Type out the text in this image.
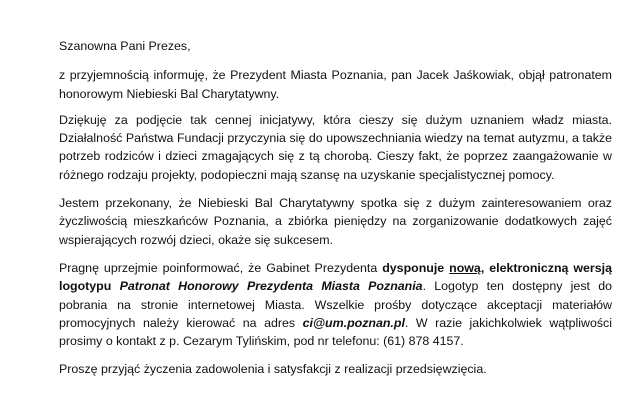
Szanowna Pani Prezes,

z przyjemnością informuję, że Prezydent Miasta Poznania, pan Jacek Jaśkowiak, objął patronatem honorowym Niebieski Bal Charytatywny.

Dziękuję za podjęcie tak cennej inicjatywy, która cieszy się dużym uznaniem władz miasta. Działalność Państwa Fundacji przyczynia się do upowszechniania wiedzy na temat autyzmu, a także potrzeb rodziców i dzieci zmagających się z tą chorobą. Cieszy fakt, że poprzez zaangażowanie w różnego rodzaju projekty, podopieczni mają szansę na uzyskanie specjalistycznej pomocy.

Jestem przekonany, że Niebieski Bal Charytatywny spotka się z dużym zainteresowaniem oraz życzliwością mieszkańców Poznania, a zbiórka pieniędzy na zorganizowanie dodatkowych zajęć wspierających rozwój dzieci, okaże się sukcesem.

Pragnę uprzejmie poinformować, że Gabinet Prezydenta dysponuje nową, elektroniczną wersją logotypu Patronat Honorowy Prezydenta Miasta Poznania. Logotyp ten dostępny jest do pobrania na stronie internetowej Miasta. Wszelkie prośby dotyczące akceptacji materiałów promocyjnych należy kierować na adres ci@um.poznan.pl. W razie jakichkolwiek wątpliwości prosimy o kontakt z p. Cezarym Tylińskim, pod nr telefonu: (61) 878 4157.

Proszę przyjąć życzenia zadowolenia i satysfakcji z realizacji przedsięwzięcia.
